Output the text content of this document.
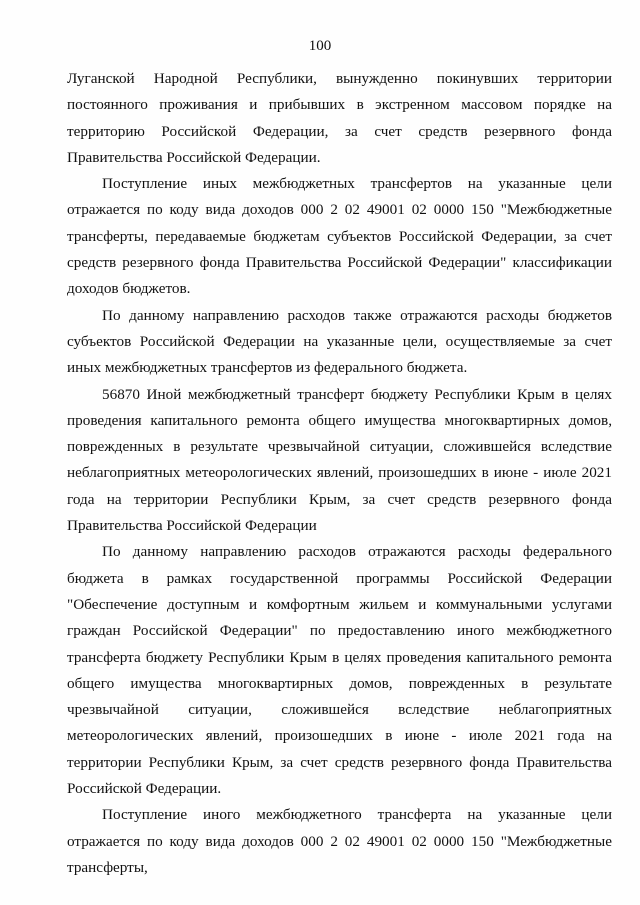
100

Луганской Народной Республики, вынужденно покинувших территории постоянного проживания и прибывших в экстренном массовом порядке на территорию Российской Федерации, за счет средств резервного фонда Правительства Российской Федерации.

Поступление иных межбюджетных трансфертов на указанные цели отражается по коду вида доходов 000 2 02 49001 02 0000 150 "Межбюджетные трансферты, передаваемые бюджетам субъектов Российской Федерации, за счет средств резервного фонда Правительства Российской Федерации" классификации доходов бюджетов.

По данному направлению расходов также отражаются расходы бюджетов субъектов Российской Федерации на указанные цели, осуществляемые за счет иных межбюджетных трансфертов из федерального бюджета.

56870 Иной межбюджетный трансферт бюджету Республики Крым в целях проведения капитального ремонта общего имущества многоквартирных домов, поврежденных в результате чрезвычайной ситуации, сложившейся вследствие неблагоприятных метеорологических явлений, произошедших в июне - июле 2021 года на территории Республики Крым, за счет средств резервного фонда Правительства Российской Федерации

По данному направлению расходов отражаются расходы федерального бюджета в рамках государственной программы Российской Федерации "Обеспечение доступным и комфортным жильем и коммунальными услугами граждан Российской Федерации" по предоставлению иного межбюджетного трансферта бюджету Республики Крым в целях проведения капитального ремонта общего имущества многоквартирных домов, поврежденных в результате чрезвычайной ситуации, сложившейся вследствие неблагоприятных метеорологических явлений, произошедших в июне - июле 2021 года на территории Республики Крым, за счет средств резервного фонда Правительства Российской Федерации.

Поступление иного межбюджетного трансферта на указанные цели отражается по коду вида доходов 000 2 02 49001 02 0000 150 "Межбюджетные трансферты,
